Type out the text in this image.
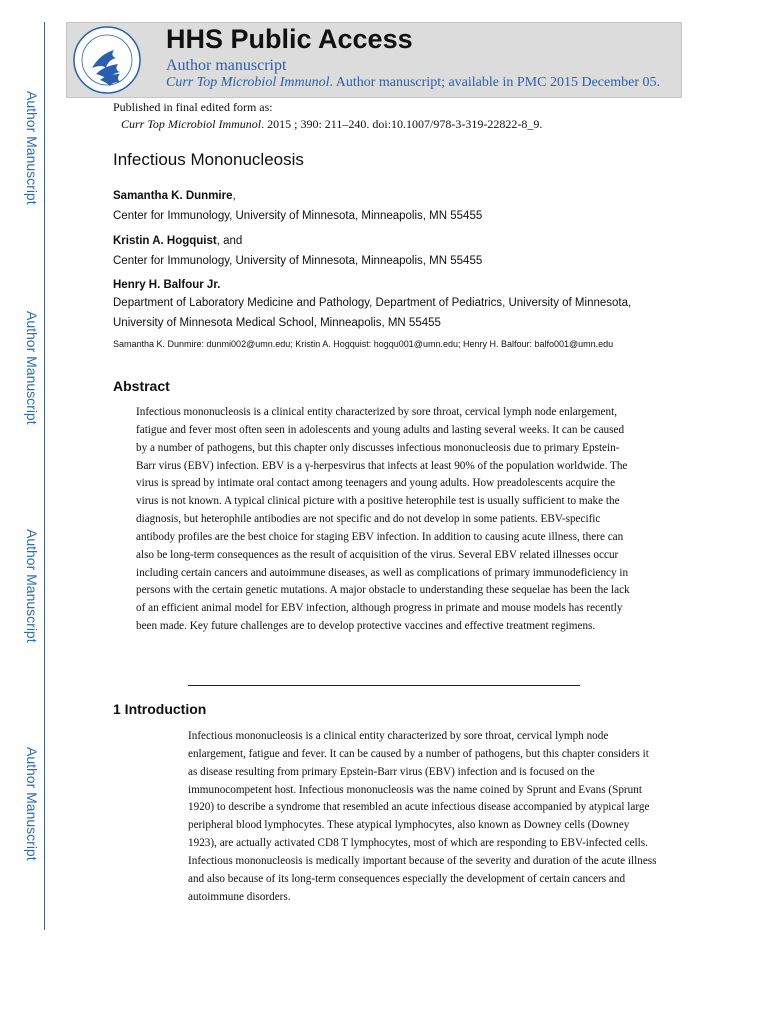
Author Manuscript
Author Manuscript
Author Manuscript
Author Manuscript
HHS Public Access
Author manuscript
Curr Top Microbiol Immunol. Author manuscript; available in PMC 2015 December 05.
Published in final edited form as:
Curr Top Microbiol Immunol. 2015 ; 390: 211–240. doi:10.1007/978-3-319-22822-8_9.
Infectious Mononucleosis
Samantha K. Dunmire,
Center for Immunology, University of Minnesota, Minneapolis, MN 55455
Kristin A. Hogquist, and
Center for Immunology, University of Minnesota, Minneapolis, MN 55455
Henry H. Balfour Jr.
Department of Laboratory Medicine and Pathology, Department of Pediatrics, University of Minnesota, University of Minnesota Medical School, Minneapolis, MN 55455
Samantha K. Dunmire: dunmi002@umn.edu; Kristin A. Hogquist: hogqu001@umn.edu; Henry H. Balfour: balfo001@umn.edu
Abstract
Infectious mononucleosis is a clinical entity characterized by sore throat, cervical lymph node enlargement, fatigue and fever most often seen in adolescents and young adults and lasting several weeks. It can be caused by a number of pathogens, but this chapter only discusses infectious mononucleosis due to primary Epstein-Barr virus (EBV) infection. EBV is a γ-herpesvirus that infects at least 90% of the population worldwide. The virus is spread by intimate oral contact among teenagers and young adults. How preadolescents acquire the virus is not known. A typical clinical picture with a positive heterophile test is usually sufficient to make the diagnosis, but heterophile antibodies are not specific and do not develop in some patients. EBV-specific antibody profiles are the best choice for staging EBV infection. In addition to causing acute illness, there can also be long-term consequences as the result of acquisition of the virus. Several EBV related illnesses occur including certain cancers and autoimmune diseases, as well as complications of primary immunodeficiency in persons with the certain genetic mutations. A major obstacle to understanding these sequelae has been the lack of an efficient animal model for EBV infection, although progress in primate and mouse models has recently been made. Key future challenges are to develop protective vaccines and effective treatment regimens.
1 Introduction
Infectious mononucleosis is a clinical entity characterized by sore throat, cervical lymph node enlargement, fatigue and fever. It can be caused by a number of pathogens, but this chapter considers it as disease resulting from primary Epstein-Barr virus (EBV) infection and is focused on the immunocompetent host. Infectious mononucleosis was the name coined by Sprunt and Evans (Sprunt 1920) to describe a syndrome that resembled an acute infectious disease accompanied by atypical large peripheral blood lymphocytes. These atypical lymphocytes, also known as Downey cells (Downey 1923), are actually activated CD8 T lymphocytes, most of which are responding to EBV-infected cells. Infectious mononucleosis is medically important because of the severity and duration of the acute illness and also because of its long-term consequences especially the development of certain cancers and autoimmune disorders.
